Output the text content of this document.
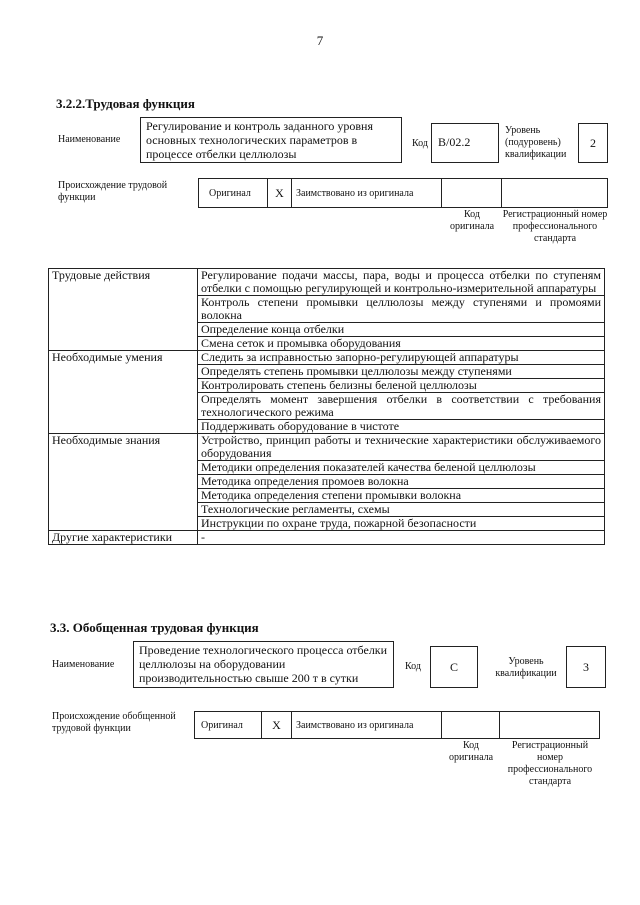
7
3.2.2.Трудовая функция
Наименование
Регулирование и контроль заданного уровня основных технологических параметров в процессе отбелки целлюлозы
Код B/02.2
Уровень (подуровень) квалификации
2
Происхождение трудовой функции	Оригинал X Заимствовано из оригинала
Код оригинала
Регистрационный номер профессионального стандарта
Трудовые действия	Регулирование подачи массы, пара, воды и процесса отбелки по ступеням отбелки с помощью регулирующей и контрольно-измерительной аппаратуры
	Контроль степени промывки целлюлозы между ступенями и промоями волокна
	Определение конца отбелки
	Смена сеток и промывка оборудования
Необходимые умения	Следить за исправностью запорно-регулирующей аппаратуры
	Определять степень промывки целлюлозы между ступенями
	Контролировать степень белизны беленой целлюлозы
	Определять момент завершения отбелки в соответствии с требования технологического режима
	Поддерживать оборудование в чистоте
Необходимые знания	Устройство, принцип работы и технические характеристики обслуживаемого оборудования
	Методики определения показателей качества беленой целлюлозы
	Методика определения промоев волокна
	Методика определения степени промывки волокна
	Технологические регламенты, схемы
	Инструкции по охране труда, пожарной безопасности
Другие характеристики	-
3.3. Обобщенная трудовая функция
Наименование
Проведение технологического процесса отбелки целлюлозы на оборудовании производительностью свыше 200 т в сутки
Код	C	Уровень квалификации	3
Происхождение обобщенной трудовой функции	Оригинал X Заимствовано из оригинала
Код оригинала
Регистрационный номер профессионального стандарта
